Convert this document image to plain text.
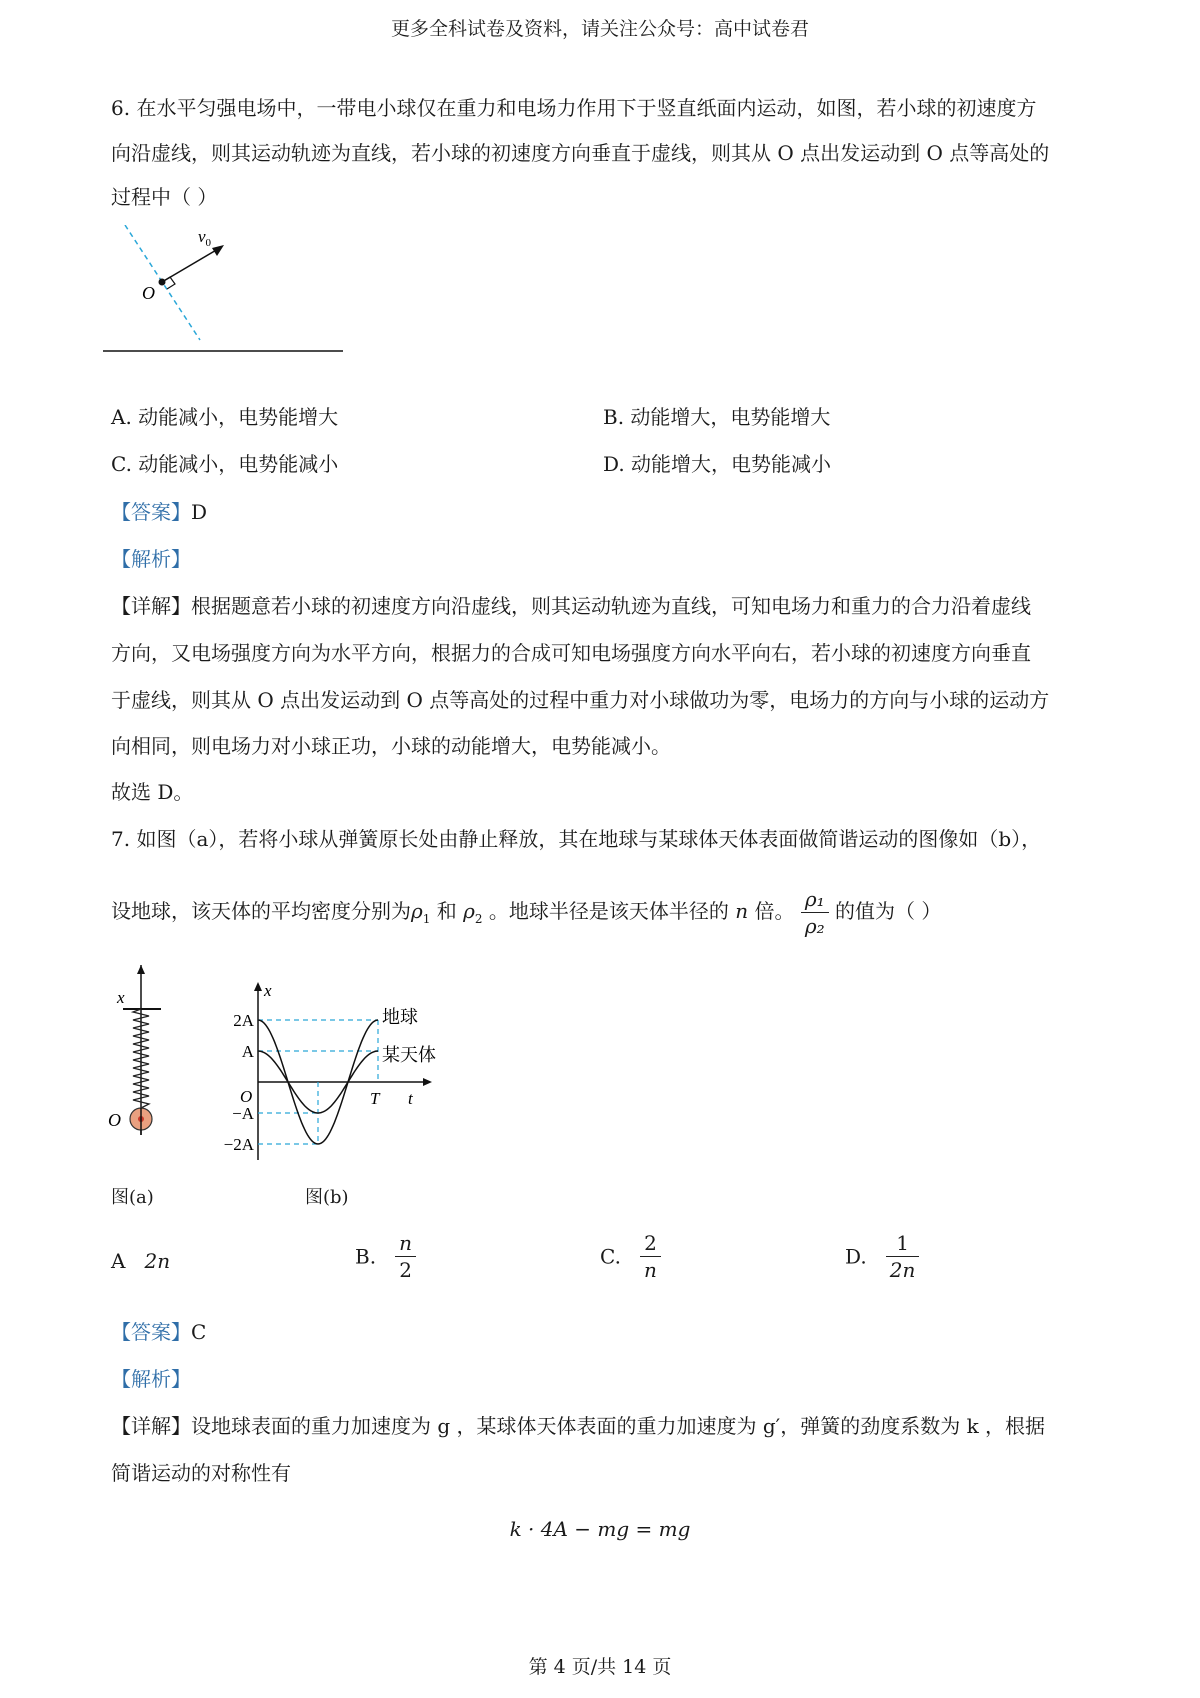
更多全科试卷及资料，请关注公众号：高中试卷君
6. 在水平匀强电场中，一带电小球仅在重力和电场力作用下于竖直纸面内运动，如图，若小球的初速度方
向沿虚线，则其运动轨迹为直线，若小球的初速度方向垂直于虚线，则其从 O 点出发运动到 O 点等高处的
过程中（ ）
$v_0$
O
A. 动能减小，电势能增大	B. 动能增大，电势能增大
C. 动能减小，电势能减小	D. 动能增大，电势能减小
【答案】D
【解析】
【详解】根据题意若小球的初速度方向沿虚线，则其运动轨迹为直线，可知电场力和重力的合力沿着虚线
方向，又电场强度方向为水平方向，根据力的合成可知电场强度方向水平向右，若小球的初速度方向垂直
于虚线，则其从 O 点出发运动到 O 点等高处的过程中重力对小球做功为零，电场力的方向与小球的运动方
向相同，则电场力对小球正功，小球的动能增大，电势能减小。
故选 D。
7. 如图（a），若将小球从弹簧原长处由静止释放，其在地球与某球体天体表面做简谐运动的图像如（b），
设地球，该天体的平均密度分别为$\rho_1$ 和 $\rho_2$ 。地球半径是该天体半径的 n 倍。 $\frac{\text{ρ₁}}{\text{ρ₂}}$ 的值为（ ）
x
O
图(a)
x
O	T t
2A
A
−A
−2A
地球
某天体
图(b)
A 2n	B. $\frac{n}{2}$	C. $\frac{2}{n}$	D. $\frac{1}{2n}$
【答案】C
【解析】
【详解】设地球表面的重力加速度为 g ，某球体天体表面的重力加速度为 g′，弹簧的劲度系数为 k ，根据
简谐运动的对称性有
k · 4A − mg = mg
第 4 页/共 14 页
